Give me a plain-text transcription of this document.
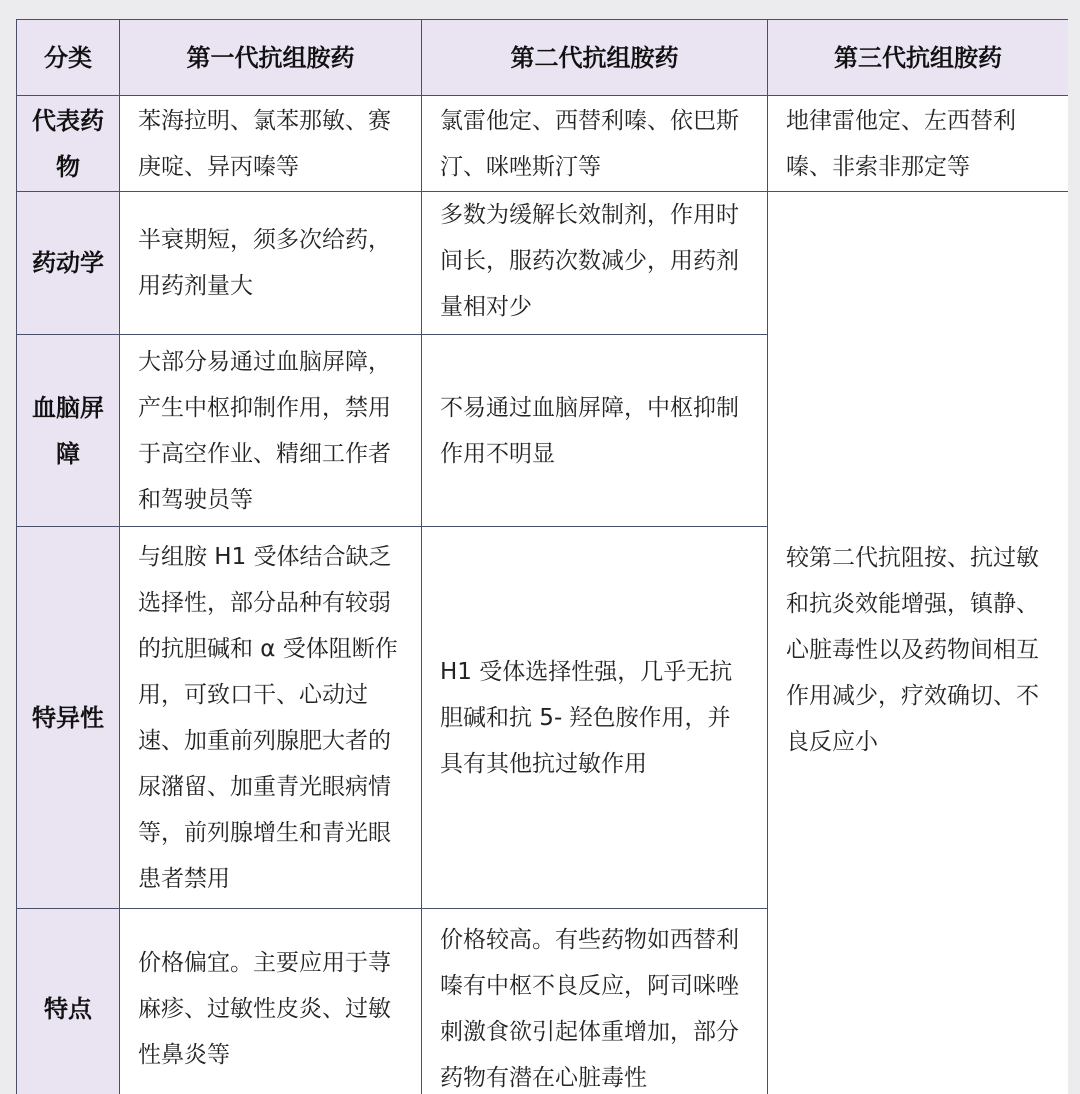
分类	第一代抗组胺药	第二代抗组胺药	第三代抗组胺药
代表药物	苯海拉明、氯苯那敏、赛庚啶、异丙嗪等	氯雷他定、西替利嗪、依巴斯汀、咪唑斯汀等	地律雷他定、左西替利嗪、非索非那定等
药动学	半衰期短，须多次给药，用药剂量大	多数为缓解长效制剂，作用时间长，服药次数减少，用药剂量相对少	较第二代抗阻按、抗过敏和抗炎效能增强，镇静、心脏毒性以及药物间相互作用减少，疗效确切、不良反应小
血脑屏障	大部分易通过血脑屏障，产生中枢抑制作用，禁用于高空作业、精细工作者和驾驶员等	不易通过血脑屏障，中枢抑制作用不明显	
特异性	与组胺 H1 受体结合缺乏选择性，部分品种有较弱的抗胆碱和 α 受体阻断作用，可致口干、心动过速、加重前列腺肥大者的尿潴留、加重青光眼病情等，前列腺增生和青光眼患者禁用	H1 受体选择性强，几乎无抗胆碱和抗 5- 羟色胺作用，并具有其他抗过敏作用	
特点	价格偏宜。主要应用于荨麻疹、过敏性皮炎、过敏性鼻炎等	价格较高。有些药物如西替利嗪有中枢不良反应，阿司咪唑刺激食欲引起体重增加，部分药物有潜在心脏毒性	
